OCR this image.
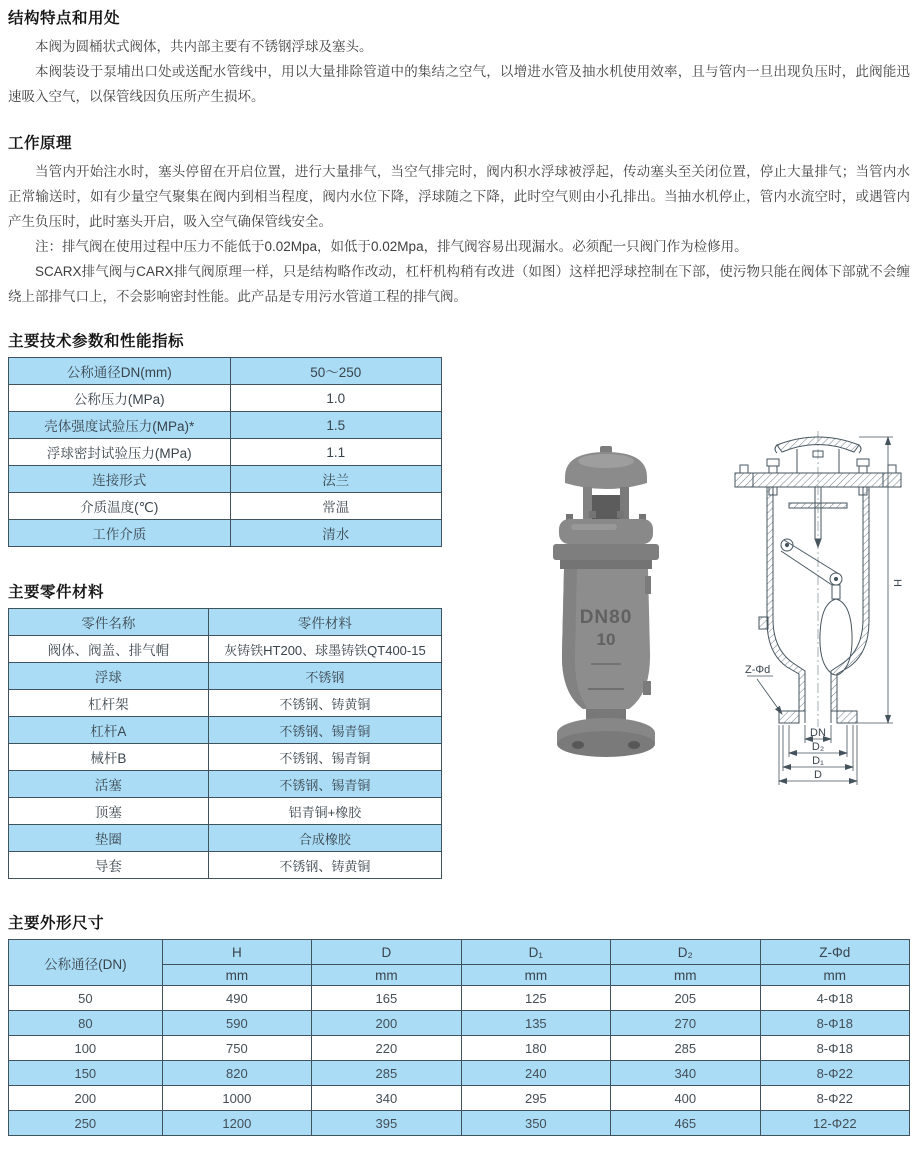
结构特点和用处

本阀为圆桶状式阀体，共内部主要有不锈钢浮球及塞头。

本阀装设于泵埔出口处或送配水管线中，用以大量排除管道中的集结之空气，以增进水管及抽水机使用效率，且与管内一旦出现负压时，此阀能迅速吸入空气，以保管线因负压所产生损坏。

工作原理

当管内开始注水时，塞头停留在开启位置，进行大量排气，当空气排完时，阀内积水浮球被浮起，传动塞头至关闭位置，停止大量排气；当管内水正常输送时，如有少量空气聚集在阀内到相当程度，阀内水位下降，浮球随之下降，此时空气则由小孔排出。当抽水机停止，管内水流空时，或遇管内产生负压时，此时塞头开启，吸入空气确保管线安全。

注：排气阀在使用过程中压力不能低于0.02Mpa，如低于0.02Mpa，排气阀容易出现漏水。必须配一只阀门作为检修用。

SCARX排气阀与CARX排气阀原理一样，只是结构略作改动，杠杆机构稍有改进（如图）这样把浮球控制在下部，使污物只能在阀体下部就不会缠绕上部排气口上，不会影响密封性能。此产品是专用污水管道工程的排气阀。

主要技术参数和性能指标
公称通径DN(mm)	50～250
公称压力(MPa)	1.0
壳体强度试验压力(MPa)*	1.5
浮球密封试验压力(MPa)	1.1
连接形式	法兰
介质温度(℃)	常温
工作介质	清水
主要零件材料
零件名称	零件材料
阀体、阀盖、排气帽	灰铸铁HT200、球墨铸铁QT400-15
浮球	不锈钢
杠杆架	不锈钢、铸黄铜
杠杆A	不锈钢、锡青铜
械杆B	不锈钢、锡青铜
活塞	不锈钢、锡青铜
顶塞	铝青铜+橡胶
垫圈	合成橡胶
导套	不锈钢、铸黄铜
DN80
10
H
Z-Φd
DN
D₂
D₁
D
主要外形尺寸
公称通径(DN)	H	D	D₁	D₂	Z-Φd
	mm	mm	mm	mm	mm
50	490	165	125	205	4-Φ18
80	590	200	135	270	8-Φ18
100	750	220	180	285	8-Φ18
150	820	285	240	340	8-Φ22
200	1000	340	295	400	8-Φ22
250	1200	395	350	465	12-Φ22
